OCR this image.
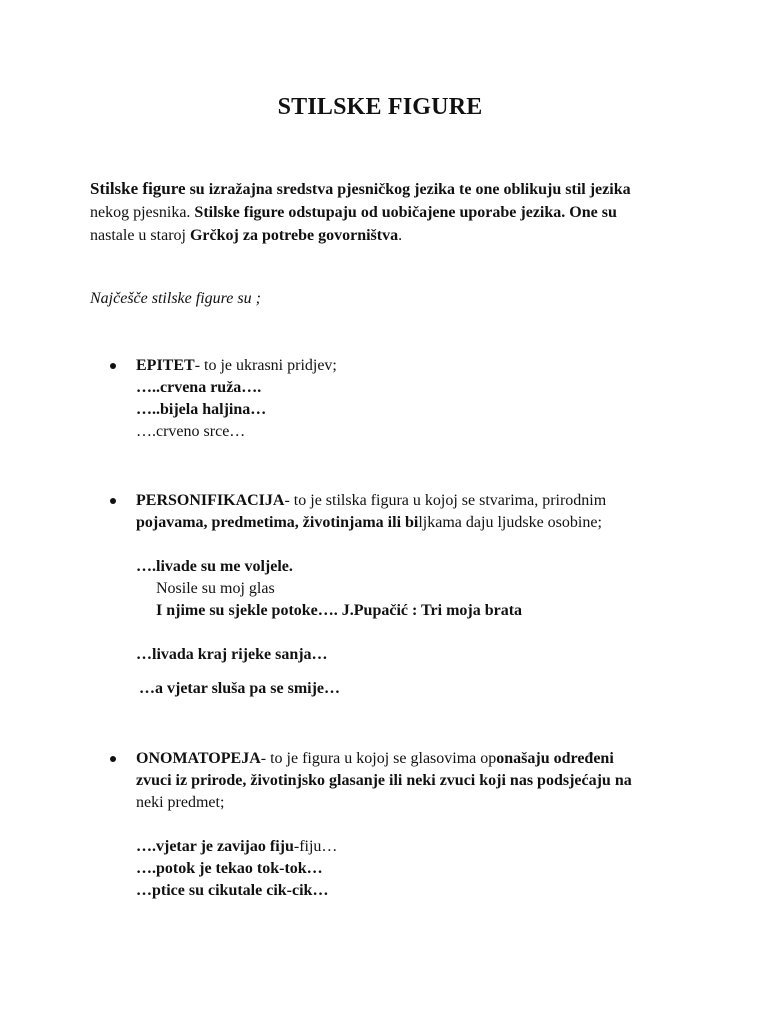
STILSKE FIGURE
Stilske figure su izražajna sredstva pjesničkog jezika te one oblikuju stil jezika
nekog pjesnika. Stilske figure odstupaju od uobičajene uporabe jezika. One su
nastale u staroj Grčkoj za potrebe govorništva.
Najčešče stilske figure su ;
EPITET- to je ukrasni pridjev;
…..crvena ruža….
…..bijela haljina…
….crveno srce…
PERSONIFIKACIJA- to je stilska figura u kojoj se stvarima, prirodnim
pojavama, predmetima, životinjama ili biljkama daju ljudske osobine;
….livade su me voljele.
Nosile su moj glas
I njime su sjekle potoke…. J.Pupačić : Tri moja brata
…livada kraj rijeke sanja…
…a vjetar sluša pa se smije…
ONOMATOPEJA- to je figura u kojoj se glasovima oponašaju određeni
zvuci iz prirode, životinjsko glasanje ili neki zvuci koji nas podsjećaju na
neki predmet;
….vjetar je zavijao fiju-fiju…
….potok je tekao tok-tok…
…ptice su cikutale cik-cik…
